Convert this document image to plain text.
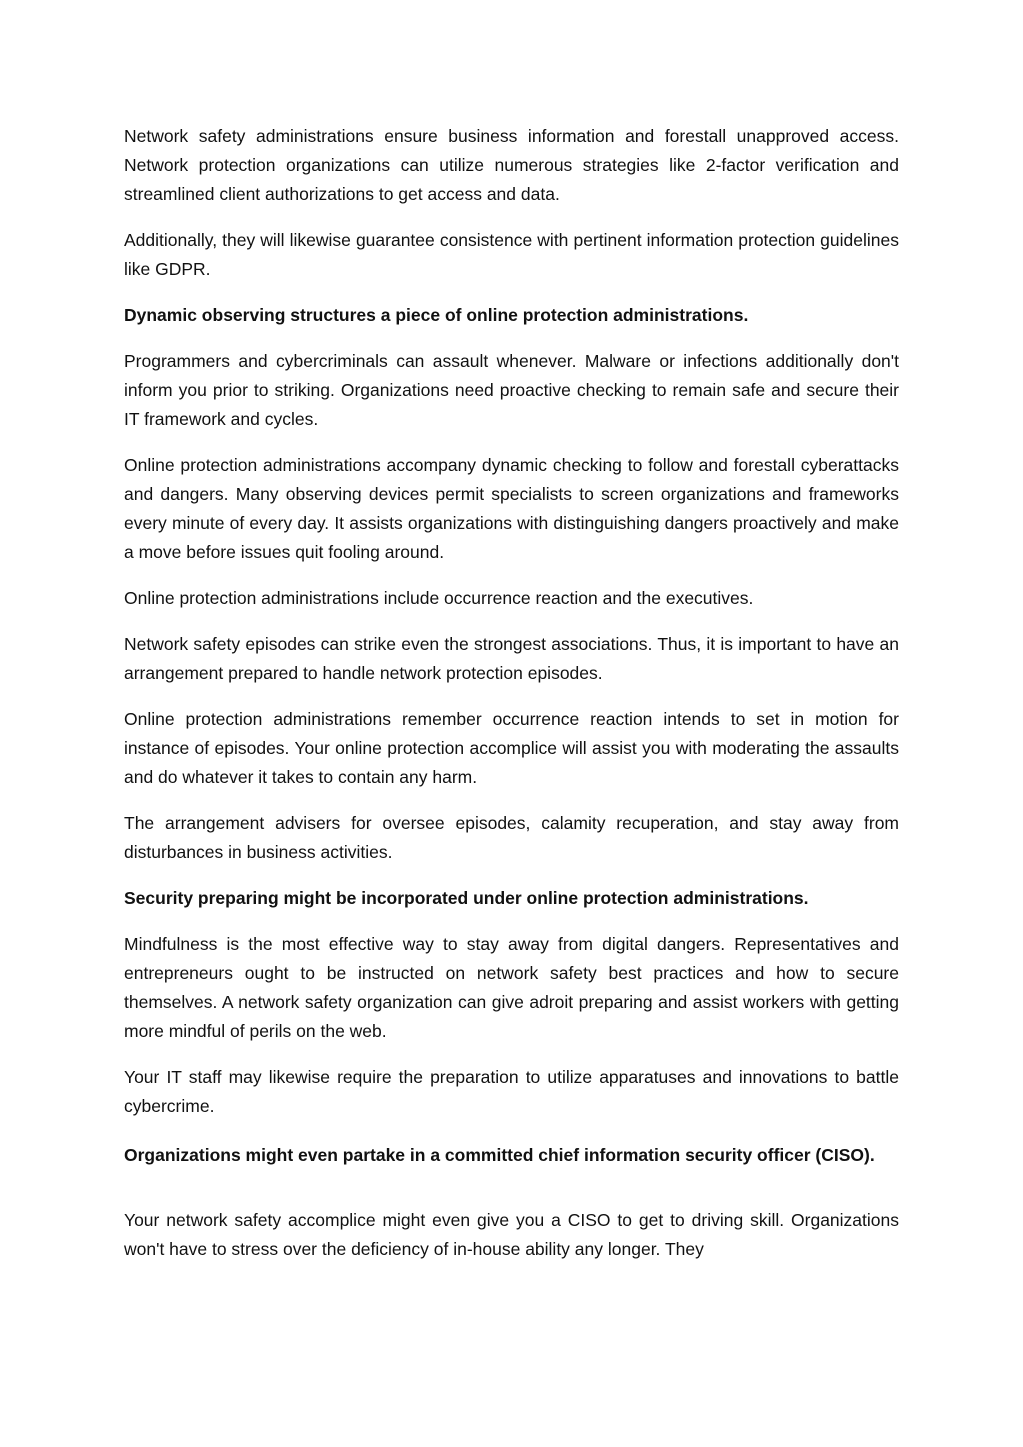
Network safety administrations ensure business information and forestall unapproved access. Network protection organizations can utilize numerous strategies like 2-factor verification and streamlined client authorizations to get access and data.

Additionally, they will likewise guarantee consistence with pertinent information protection guidelines like GDPR.

Dynamic observing structures a piece of online protection administrations.

Programmers and cybercriminals can assault whenever. Malware or infections additionally don't inform you prior to striking. Organizations need proactive checking to remain safe and secure their IT framework and cycles.

Online protection administrations accompany dynamic checking to follow and forestall cyberattacks and dangers. Many observing devices permit specialists to screen organizations and frameworks every minute of every day. It assists organizations with distinguishing dangers proactively and make a move before issues quit fooling around.

Online protection administrations include occurrence reaction and the executives.

Network safety episodes can strike even the strongest associations. Thus, it is important to have an arrangement prepared to handle network protection episodes.

Online protection administrations remember occurrence reaction intends to set in motion for instance of episodes. Your online protection accomplice will assist you with moderating the assaults and do whatever it takes to contain any harm.

The arrangement advisers for oversee episodes, calamity recuperation, and stay away from disturbances in business activities.

Security preparing might be incorporated under online protection administrations.

Mindfulness is the most effective way to stay away from digital dangers. Representatives and entrepreneurs ought to be instructed on network safety best practices and how to secure themselves. A network safety organization can give adroit preparing and assist workers with getting more mindful of perils on the web.

Your IT staff may likewise require the preparation to utilize apparatuses and innovations to battle cybercrime.

Organizations might even partake in a committed chief information security officer (CISO).

Your network safety accomplice might even give you a CISO to get to driving skill. Organizations won't have to stress over the deficiency of in-house ability any longer. They
